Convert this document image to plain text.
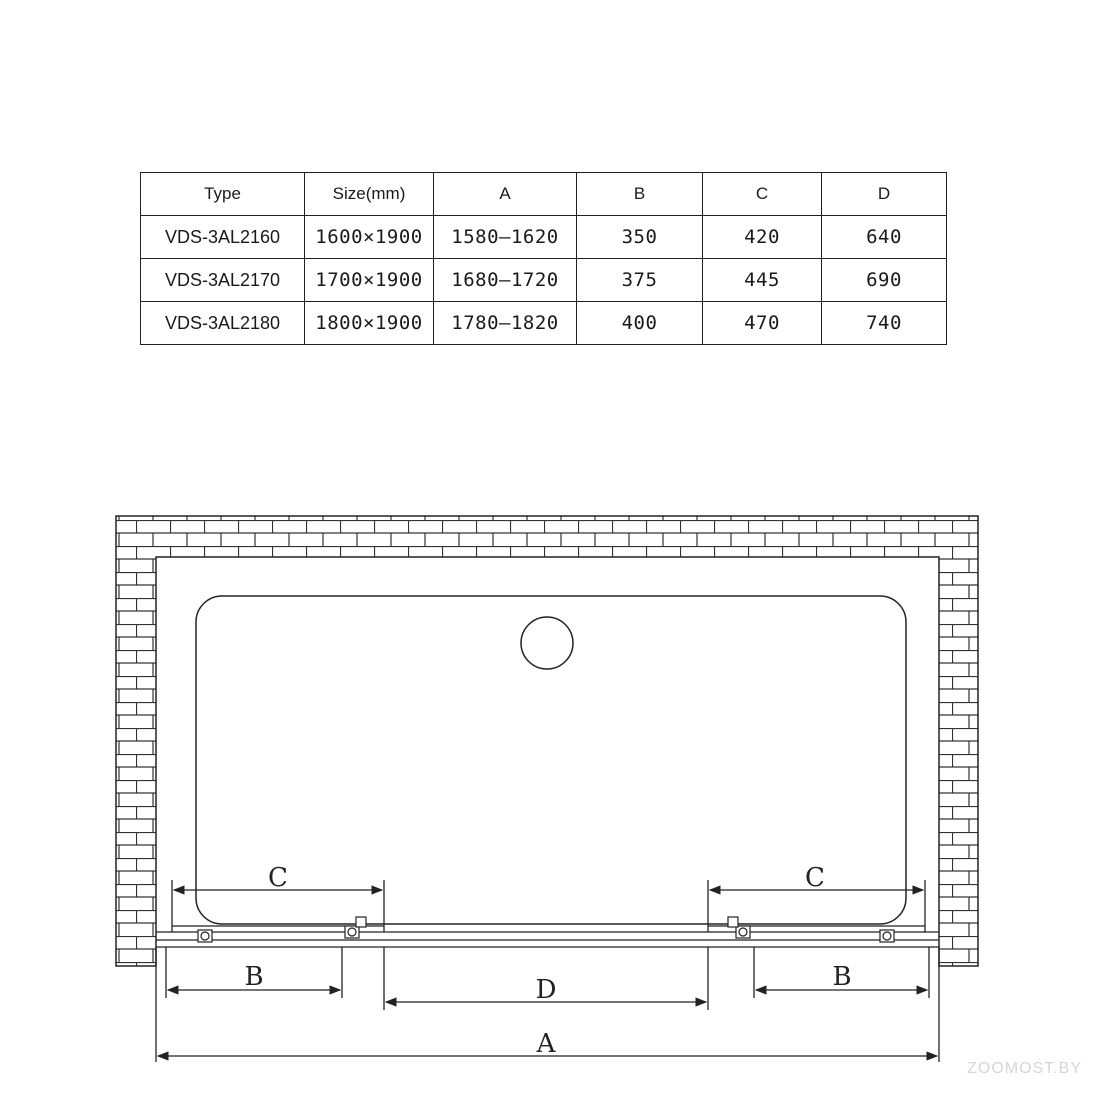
Type	Size(mm)	A	B	C	D
VDS-3AL2160	1600×1900	1580–1620	350	420	640
VDS-3AL2170	1700×1900	1680–1720	375	445	690
VDS-3AL2180	1800×1900	1780–1820	400	470	740
C	C
B	B
D
A
ZOOMOST.BY
